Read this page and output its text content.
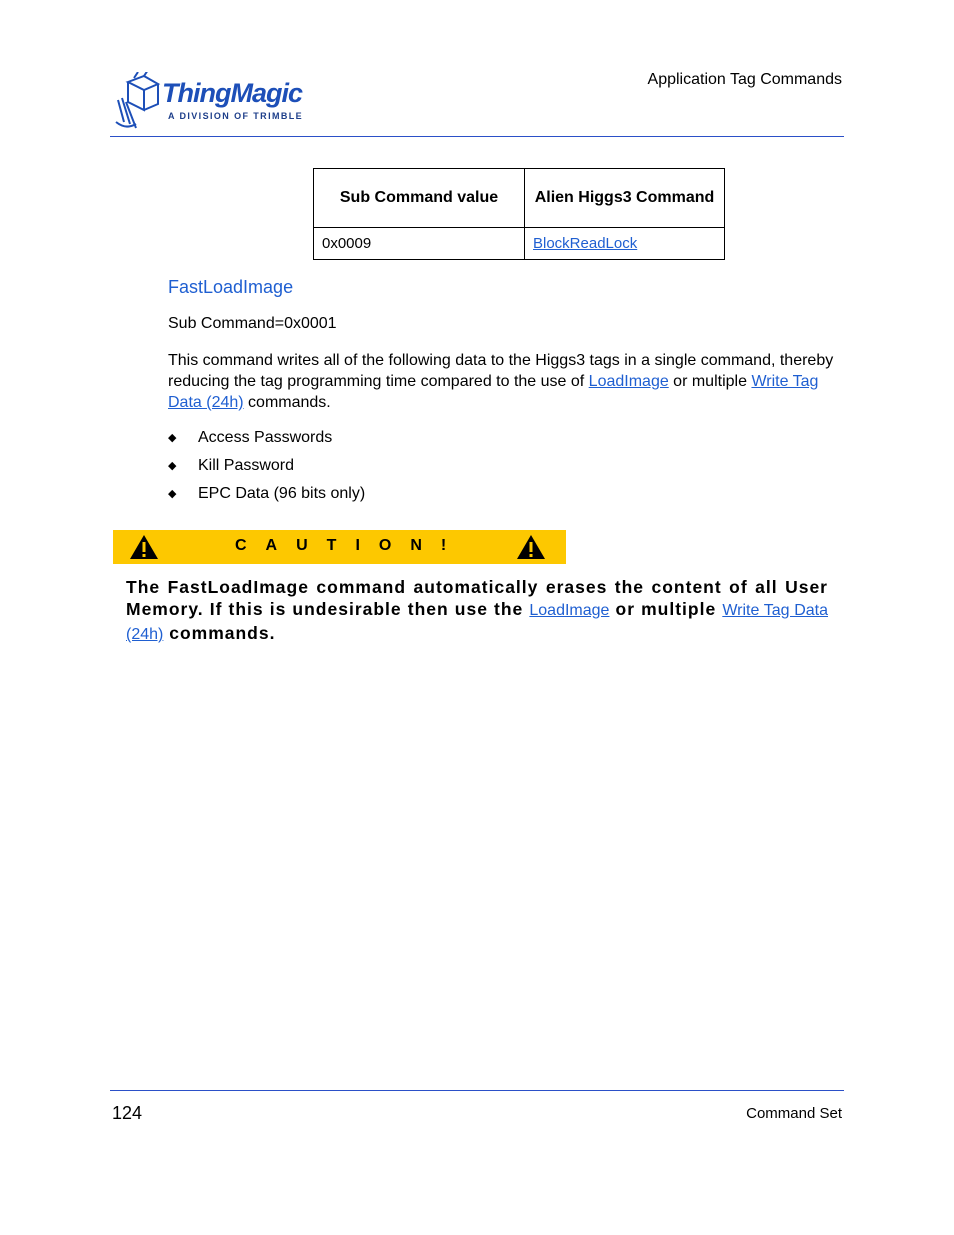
ThingMagic
A DIVISION OF TRIMBLE
Application Tag Commands
Sub Command value	Alien Higgs3 Command
0x0009	BlockReadLock
FastLoadImage
Sub Command=0x0001
This command writes all of the following data to the Higgs3 tags in a single command, thereby reducing the tag programming time compared to the use of LoadImage or multiple Write Tag Data (24h) commands.
◆ Access Passwords
◆ Kill Password
◆ EPC Data (96 bits only)
CAUTION!
The FastLoadImage command automatically erases the content of all User Memory. If this is undesirable then use the LoadImage or multiple Write Tag Data (24h) commands.
124	Command Set
